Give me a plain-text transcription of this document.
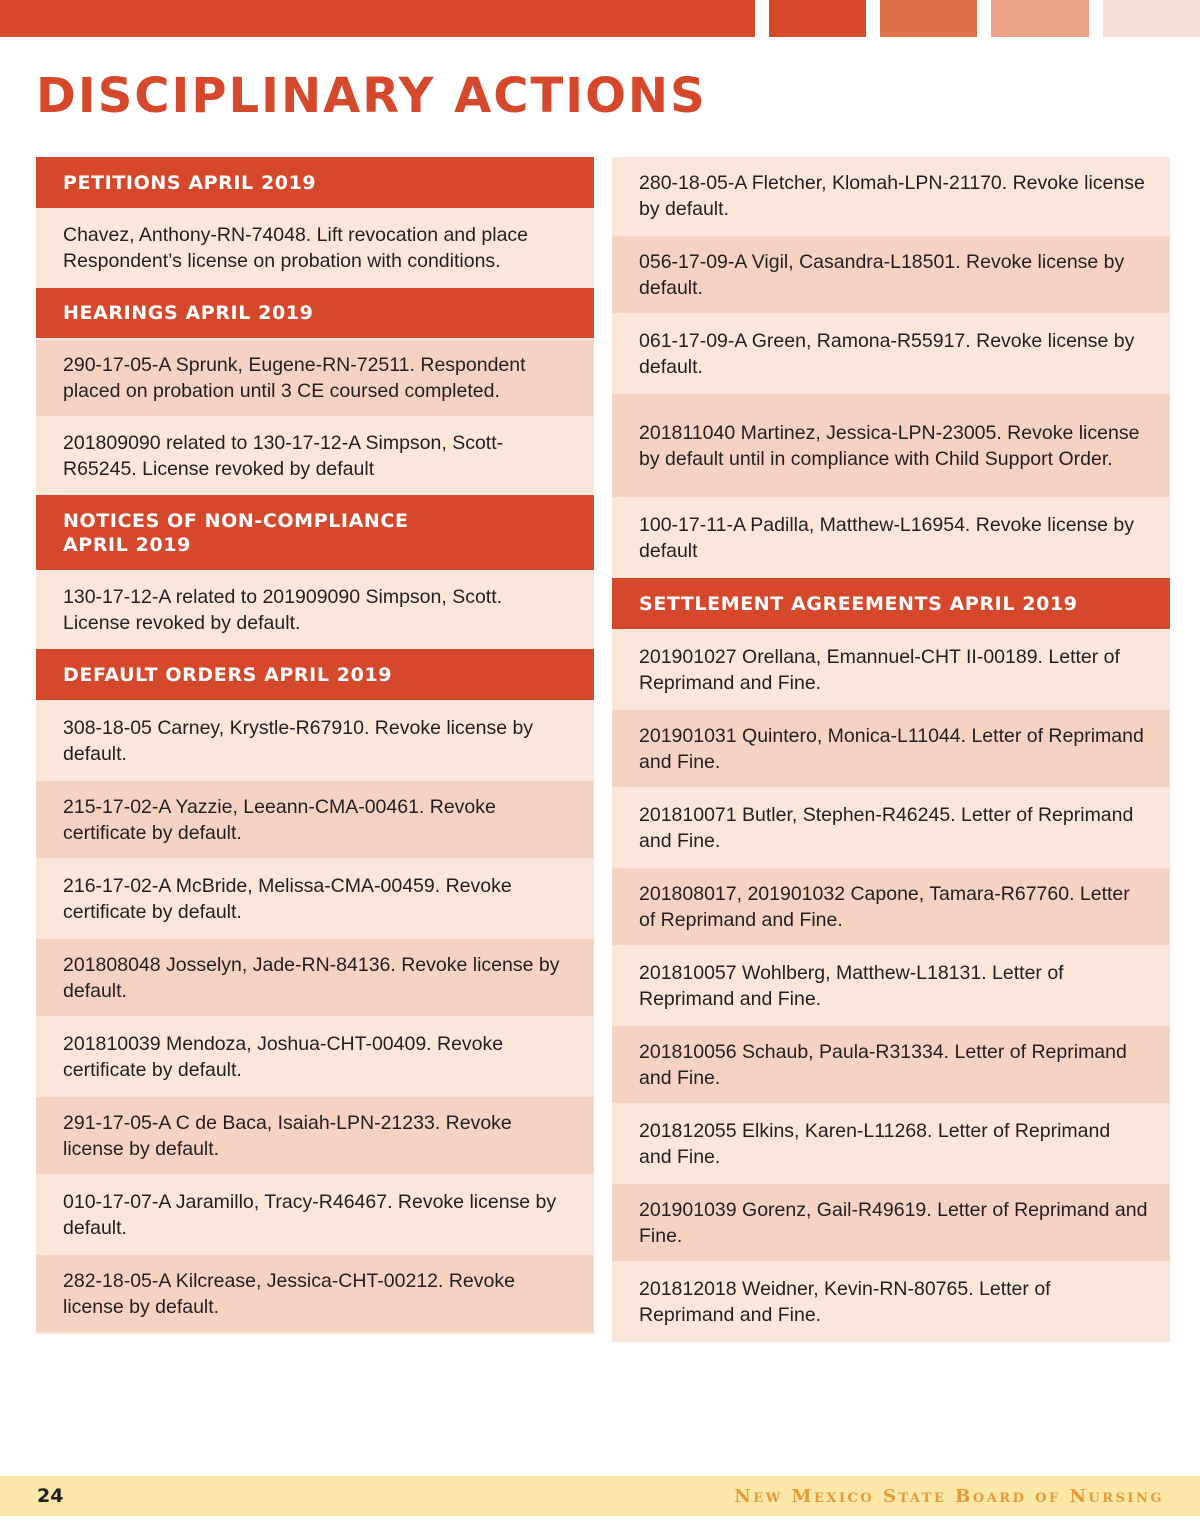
DISCIPLINARY ACTIONS
PETITIONS APRIL 2019
Chavez, Anthony-RN-74048. Lift revocation and place Respondent’s license on probation with conditions.
HEARINGS APRIL 2019
290-17-05-A Sprunk, Eugene-RN-72511. Respondent placed on probation until 3 CE coursed completed.
201809090 related to 130-17-12-A Simpson, Scott-R65245. License revoked by default
NOTICES OF NON-COMPLIANCE
APRIL 2019
130-17-12-A related to 201909090 Simpson, Scott. License revoked by default.
DEFAULT ORDERS APRIL 2019
308-18-05 Carney, Krystle-R67910. Revoke license by default.
215-17-02-A Yazzie, Leeann-CMA-00461. Revoke certificate by default.
216-17-02-A McBride, Melissa-CMA-00459. Revoke certificate by default.
201808048 Josselyn, Jade-RN-84136. Revoke license by default.
201810039 Mendoza, Joshua-CHT-00409. Revoke certificate by default.
291-17-05-A C de Baca, Isaiah-LPN-21233. Revoke license by default.
010-17-07-A Jaramillo, Tracy-R46467. Revoke license by default.
282-18-05-A Kilcrease, Jessica-CHT-00212. Revoke license by default.
280-18-05-A Fletcher, Klomah-LPN-21170. Revoke license by default.
056-17-09-A Vigil, Casandra-L18501. Revoke license by default.
061-17-09-A Green, Ramona-R55917. Revoke license by default.
201811040 Martinez, Jessica-LPN-23005. Revoke license by default until in compliance with Child Support Order.
100-17-11-A Padilla, Matthew-L16954. Revoke license by default
SETTLEMENT AGREEMENTS APRIL 2019
201901027 Orellana, Emannuel-CHT II-00189. Letter of Reprimand and Fine.
201901031 Quintero, Monica-L11044. Letter of Reprimand and Fine.
201810071 Butler, Stephen-R46245. Letter of Reprimand and Fine.
201808017, 201901032 Capone, Tamara-R67760. Letter of Reprimand and Fine.
201810057 Wohlberg, Matthew-L18131. Letter of Reprimand and Fine.
201810056 Schaub, Paula-R31334. Letter of Reprimand and Fine.
201812055 Elkins, Karen-L11268. Letter of Reprimand and Fine.
201901039 Gorenz, Gail-R49619. Letter of Reprimand and Fine.
201812018 Weidner, Kevin-RN-80765. Letter of Reprimand and Fine.
24	New Mexico State Board of Nursing
